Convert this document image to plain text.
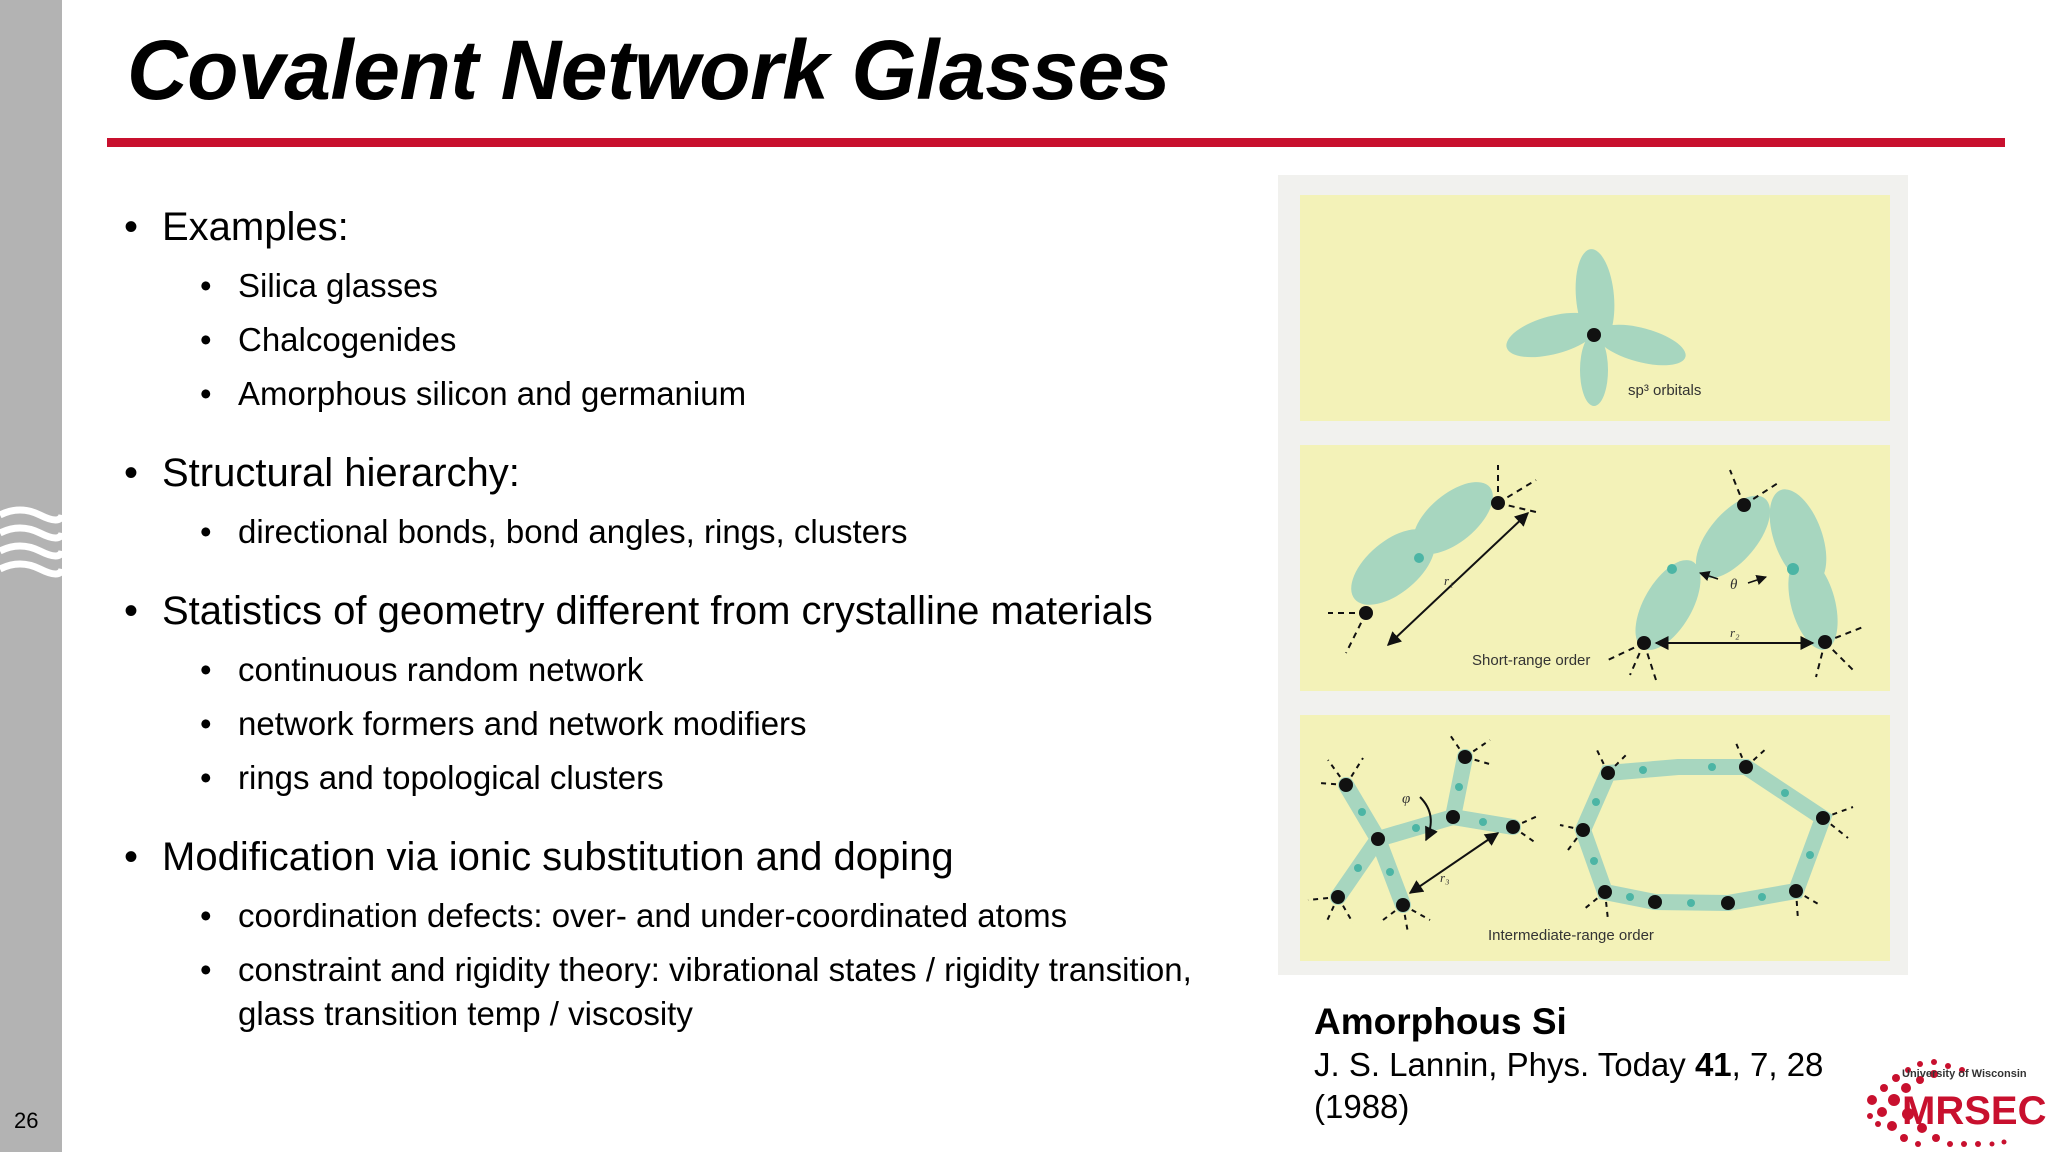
26
Covalent Network Glasses
• Examples:
• Silica glasses
• Chalcogenides
• Amorphous silicon and germanium
• Structural hierarchy:
• directional bonds, bond angles, rings, clusters
• Statistics of geometry different from crystalline materials
• continuous random network
• network formers and network modifiers
• rings and topological clusters
• Modification via ionic substitution and doping
• coordination defects: over- and under-coordinated atoms
• constraint and rigidity theory: vibrational states / rigidity transition, glass transition temp / viscosity
sp³ orbitals
r₁
r₂
θ
Short-range order
r₃
φ
Intermediate-range order
Amorphous Si
J. S. Lannin, Phys. Today 41, 7, 28 (1988)
University of Wisconsin
MRSEC
